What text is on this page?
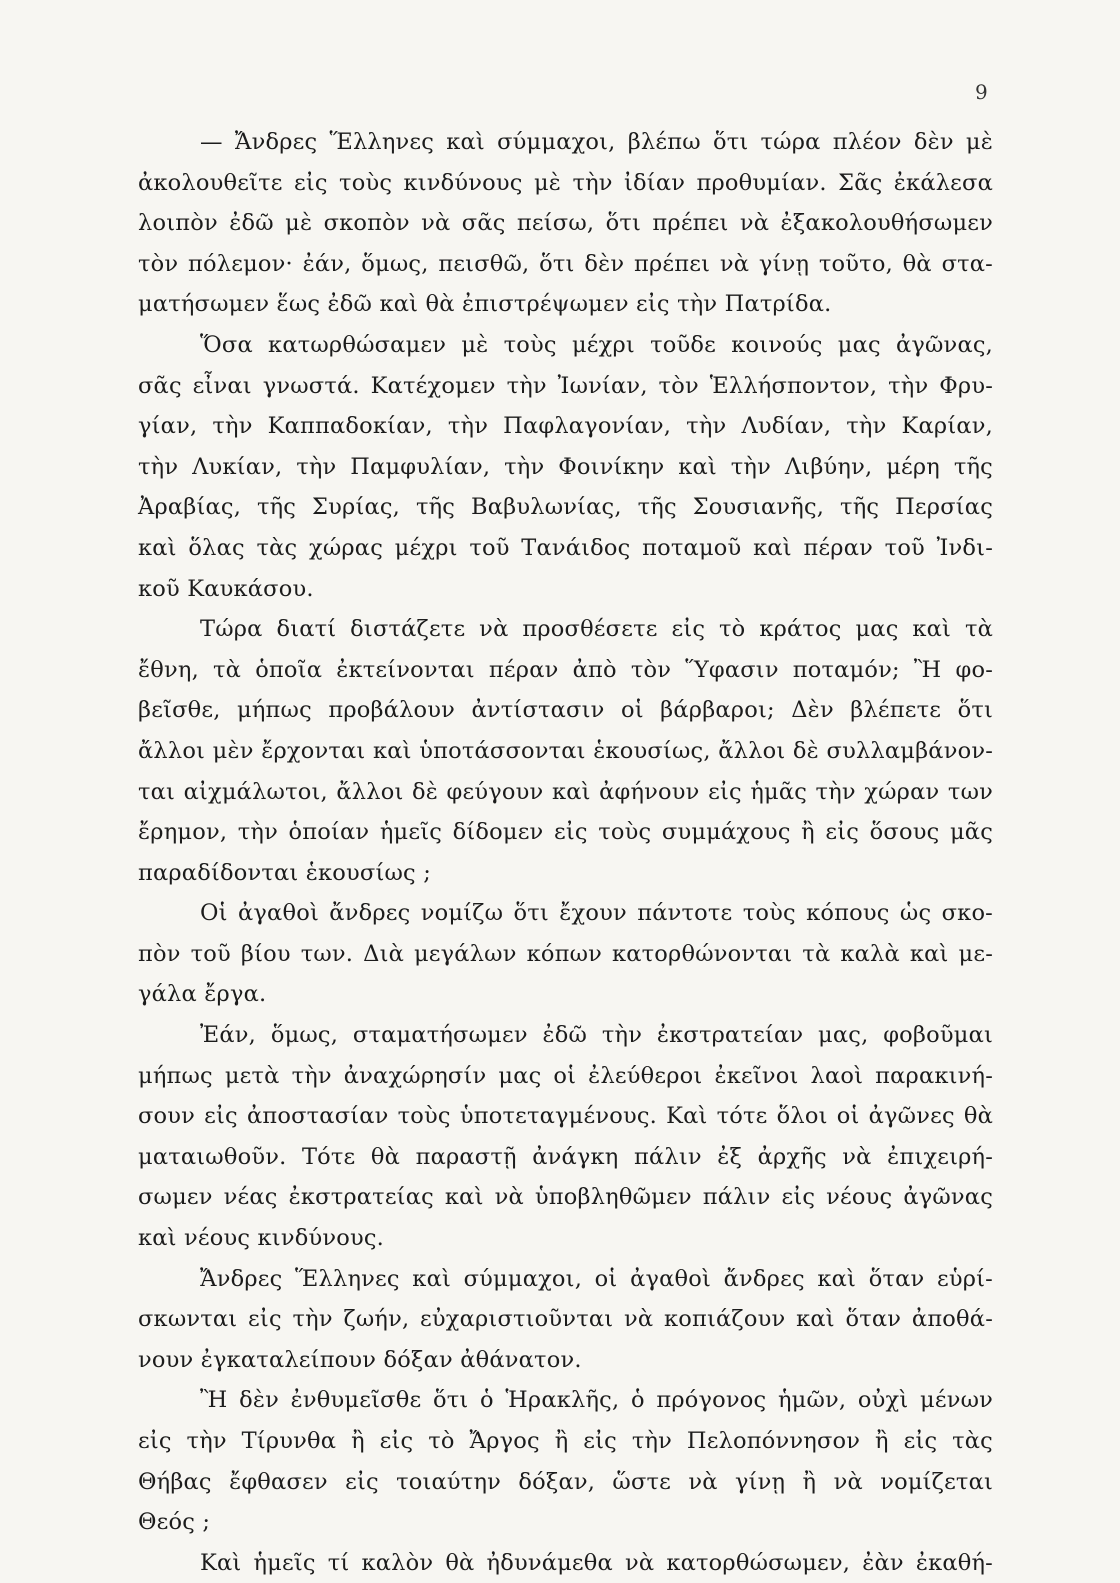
9
— Ἄνδρες Ἕλληνες καὶ σύμμαχοι, βλέπω ὅτι τώρα πλέον δὲν μὲ
ἀκολουθεῖτε εἰς τοὺς κινδύνους μὲ τὴν ἰδίαν προθυμίαν. Σᾶς ἐκάλεσα
λοιπὸν ἐδῶ μὲ σκοπὸν νὰ σᾶς πείσω, ὅτι πρέπει νὰ ἐξακολουθήσωμεν
τὸν πόλεμον· ἐάν, ὅμως, πεισθῶ, ὅτι δὲν πρέπει νὰ γίνῃ τοῦτο, θὰ στα-
ματήσωμεν ἕως ἐδῶ καὶ θὰ ἐπιστρέψωμεν εἰς τὴν Πατρίδα.
Ὅσα κατωρθώσαμεν μὲ τοὺς μέχρι τοῦδε κοινούς μας ἀγῶνας,
σᾶς εἶναι γνωστά. Κατέχομεν τὴν Ἰωνίαν, τὸν Ἑλλήσποντον, τὴν Φρυ-
γίαν, τὴν Καππαδοκίαν, τὴν Παφλαγονίαν, τὴν Λυδίαν, τὴν Καρίαν,
τὴν Λυκίαν, τὴν Παμφυλίαν, τὴν Φοινίκην καὶ τὴν Λιβύην, μέρη τῆς
Ἀραβίας, τῆς Συρίας, τῆς Βαβυλωνίας, τῆς Σουσιανῆς, τῆς Περσίας
καὶ ὅλας τὰς χώρας μέχρι τοῦ Τανάιδος ποταμοῦ καὶ πέραν τοῦ Ἰνδι-
κοῦ Καυκάσου.
Τώρα διατί διστάζετε νὰ προσθέσετε εἰς τὸ κράτος μας καὶ τὰ
ἔθνη, τὰ ὁποῖα ἐκτείνονται πέραν ἀπὸ τὸν Ὕφασιν ποταμόν; Ἢ φο-
βεῖσθε, μήπως προβάλουν ἀντίστασιν οἱ βάρβαροι; Δὲν βλέπετε ὅτι
ἄλλοι μὲν ἔρχονται καὶ ὑποτάσσονται ἑκουσίως, ἄλλοι δὲ συλλαμβάνον-
ται αἰχμάλωτοι, ἄλλοι δὲ φεύγουν καὶ ἀφήνουν εἰς ἡμᾶς τὴν χώραν των
ἔρημον, τὴν ὁποίαν ἡμεῖς δίδομεν εἰς τοὺς συμμάχους ἢ εἰς ὅσους μᾶς
παραδίδονται ἑκουσίως ;
Οἱ ἀγαθοὶ ἄνδρες νομίζω ὅτι ἔχουν πάντοτε τοὺς κόπους ὡς σκο-
πὸν τοῦ βίου των. Διὰ μεγάλων κόπων κατορθώνονται τὰ καλὰ καὶ με-
γάλα ἔργα.
Ἐάν, ὅμως, σταματήσωμεν ἐδῶ τὴν ἐκστρατείαν μας, φοβοῦμαι
μήπως μετὰ τὴν ἀναχώρησίν μας οἱ ἐλεύθεροι ἐκεῖνοι λαοὶ παρακινή-
σουν εἰς ἀποστασίαν τοὺς ὑποτεταγμένους. Καὶ τότε ὅλοι οἱ ἀγῶνες θὰ
ματαιωθοῦν. Τότε θὰ παραστῇ ἀνάγκη πάλιν ἐξ ἀρχῆς νὰ ἐπιχειρή-
σωμεν νέας ἐκστρατείας καὶ νὰ ὑποβληθῶμεν πάλιν εἰς νέους ἀγῶνας
καὶ νέους κινδύνους.
Ἄνδρες Ἕλληνες καὶ σύμμαχοι, οἱ ἀγαθοὶ ἄνδρες καὶ ὅταν εὑρί-
σκωνται εἰς τὴν ζωήν, εὐχαριστιοῦνται νὰ κοπιάζουν καὶ ὅταν ἀποθά-
νουν ἐγκαταλείπουν δόξαν ἀθάνατον.
Ἢ δὲν ἐνθυμεῖσθε ὅτι ὁ Ἡρακλῆς, ὁ πρόγονος ἡμῶν, οὐχὶ μένων
εἰς τὴν Τίρυνθα ἢ εἰς τὸ Ἄργος ἢ εἰς τὴν Πελοπόννησον ἢ εἰς τὰς
Θήβας ἔφθασεν εἰς τοιαύτην δόξαν, ὥστε νὰ γίνῃ ἢ νὰ νομίζεται
Θεός ;
Καὶ ἡμεῖς τί καλὸν θὰ ἠδυνάμεθα νὰ κατορθώσωμεν, ἐὰν ἐκαθή-
